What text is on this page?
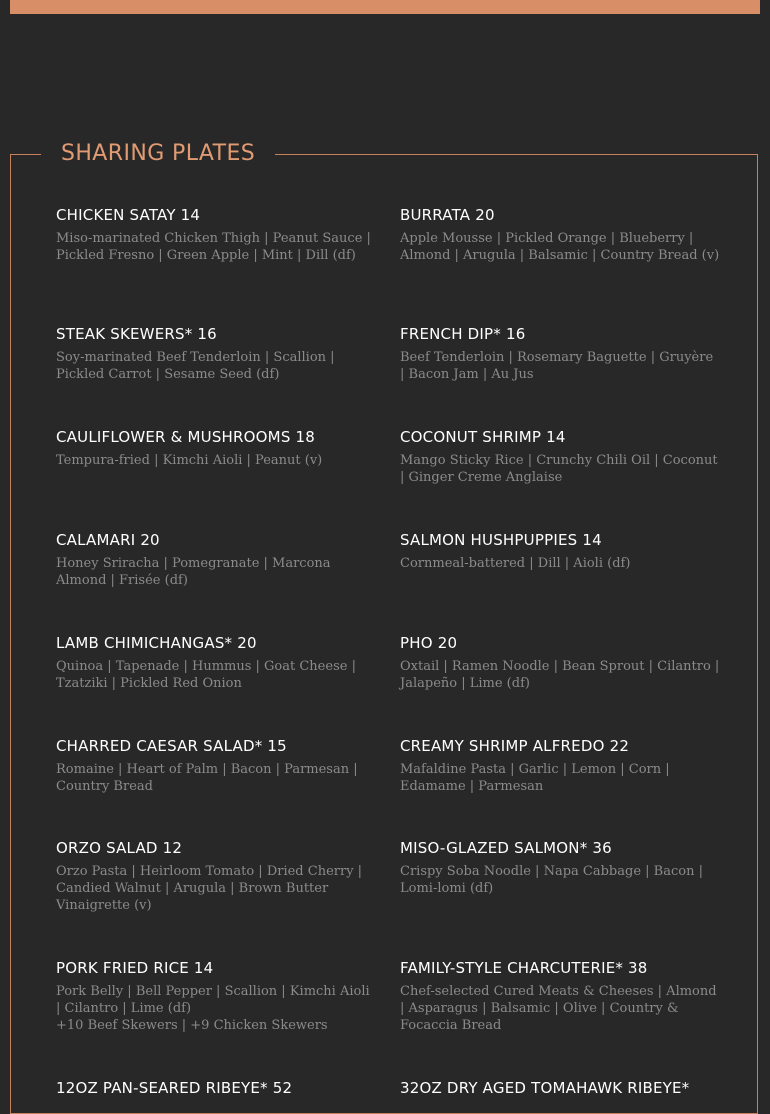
SHARING PLATES
CHICKEN SATAY 14
Miso-marinated Chicken Thigh | Peanut Sauce | Pickled Fresno | Green Apple | Mint | Dill (df)
BURRATA 20
Apple Mousse | Pickled Orange | Blueberry | Almond | Arugula | Balsamic | Country Bread (v)
STEAK SKEWERS* 16
Soy-marinated Beef Tenderloin | Scallion | Pickled Carrot | Sesame Seed (df)
FRENCH DIP* 16
Beef Tenderloin | Rosemary Baguette | Gruyère | Bacon Jam | Au Jus
CAULIFLOWER & MUSHROOMS 18
Tempura-fried | Kimchi Aioli | Peanut (v)
COCONUT SHRIMP 14
Mango Sticky Rice | Crunchy Chili Oil | Coconut | Ginger Creme Anglaise
CALAMARI 20
Honey Sriracha | Pomegranate | Marcona Almond | Frisée (df)
SALMON HUSHPUPPIES 14
Cornmeal-battered | Dill | Aioli (df)
LAMB CHIMICHANGAS* 20
Quinoa | Tapenade | Hummus | Goat Cheese | Tzatziki | Pickled Red Onion
PHO 20
Oxtail | Ramen Noodle | Bean Sprout | Cilantro | Jalapeño | Lime (df)
CHARRED CAESAR SALAD* 15
Romaine | Heart of Palm | Bacon | Parmesan | Country Bread
CREAMY SHRIMP ALFREDO 22
Mafaldine Pasta | Garlic | Lemon | Corn | Edamame | Parmesan
ORZO SALAD 12
Orzo Pasta | Heirloom Tomato | Dried Cherry | Candied Walnut | Arugula | Brown Butter Vinaigrette (v)
MISO-GLAZED SALMON* 36
Crispy Soba Noodle | Napa Cabbage | Bacon | Lomi-lomi (df)
PORK FRIED RICE 14
Pork Belly | Bell Pepper | Scallion | Kimchi Aioli | Cilantro | Lime (df)
+10 Beef Skewers | +9 Chicken Skewers
FAMILY-STYLE CHARCUTERIE* 38
Chef-selected Cured Meats & Cheeses | Almond | Asparagus | Balsamic | Olive | Country & Focaccia Bread
12OZ PAN-SEARED RIBEYE* 52	32OZ DRY AGED TOMAHAWK RIBEYE*
